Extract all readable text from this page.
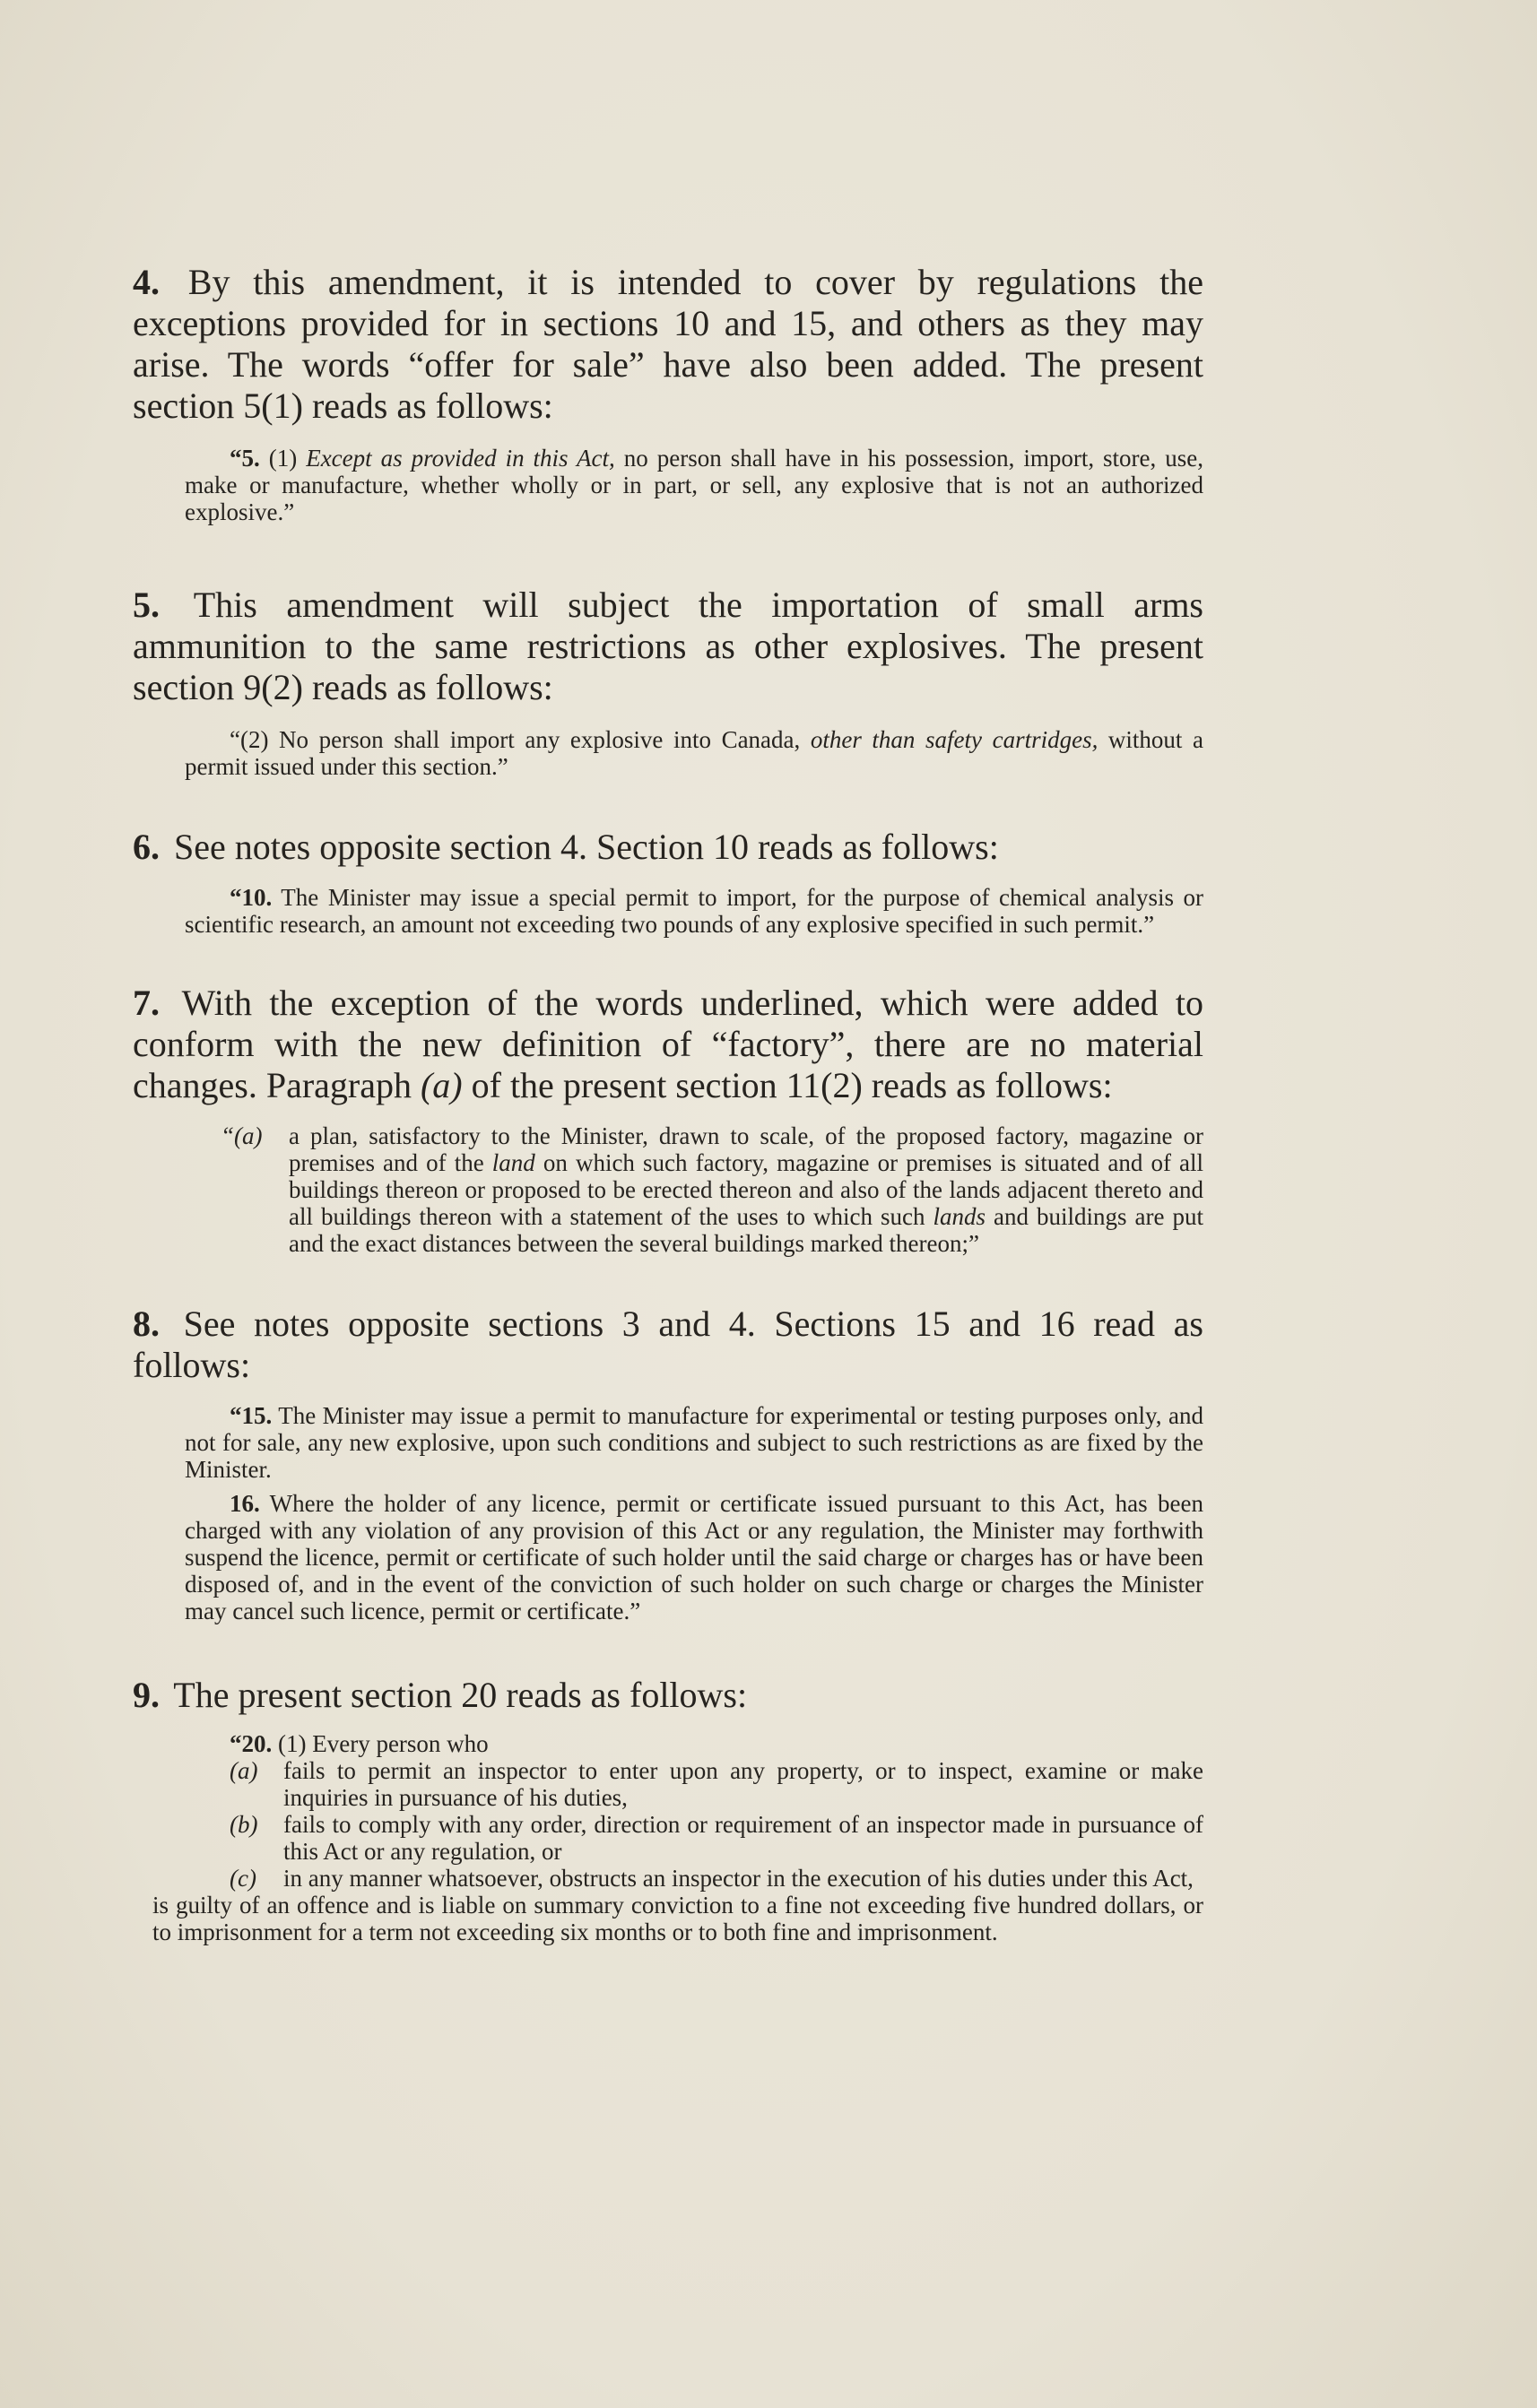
4. By this amendment, it is intended to cover by regulations the exceptions provided for in sections 10 and 15, and others as they may arise. The words “offer for sale” have also been added. The present section 5(1) reads as follows:

“5. (1) Except as provided in this Act, no person shall have in his possession, import, store, use, make or manufacture, whether wholly or in part, or sell, any explosive that is not an authorized explosive.”

5. This amendment will subject the importation of small arms ammunition to the same restrictions as other explosives. The present section 9(2) reads as follows:

“(2) No person shall import any explosive into Canada, other than safety cartridges, without a permit issued under this section.”

6. See notes opposite section 4. Section 10 reads as follows:

“10. The Minister may issue a special permit to import, for the purpose of chemical analysis or scientific research, an amount not exceeding two pounds of any explosive specified in such permit.”

7. With the exception of the words underlined, which were added to conform with the new definition of “factory”, there are no material changes. Paragraph (a) of the present section 11(2) reads as follows:
“(a)	a plan, satisfactory to the Minister, drawn to scale, of the proposed factory, magazine or premises and of the land on which such factory, magazine or premises is situated and of all buildings thereon or proposed to be erected thereon and also of the lands adjacent thereto and all buildings thereon with a statement of the uses to which such lands and buildings are put and the exact distances between the several buildings marked thereon;”
8. See notes opposite sections 3 and 4. Sections 15 and 16 read as follows:

“15. The Minister may issue a permit to manufacture for experimental or testing purposes only, and not for sale, any new explosive, upon such conditions and subject to such restrictions as are fixed by the Minister.

16. Where the holder of any licence, permit or certificate issued pursuant to this Act, has been charged with any violation of any provision of this Act or any regulation, the Minister may forthwith suspend the licence, permit or certificate of such holder until the said charge or charges has or have been disposed of, and in the event of the conviction of such holder on such charge or charges the Minister may cancel such licence, permit or certificate.”

9. The present section 20 reads as follows:

“20. (1) Every person who

(a)	fails to permit an inspector to enter upon any property, or to inspect, examine or make inquiries in pursuance of his duties,
(b)	fails to comply with any order, direction or requirement of an inspector made in pursuance of this Act or any regulation, or
(c)	in any manner whatsoever, obstructs an inspector in the execution of his duties under this Act,

is guilty of an offence and is liable on summary conviction to a fine not exceeding five hundred dollars, or to imprisonment for a term not exceeding six months or to both fine and imprisonment.
